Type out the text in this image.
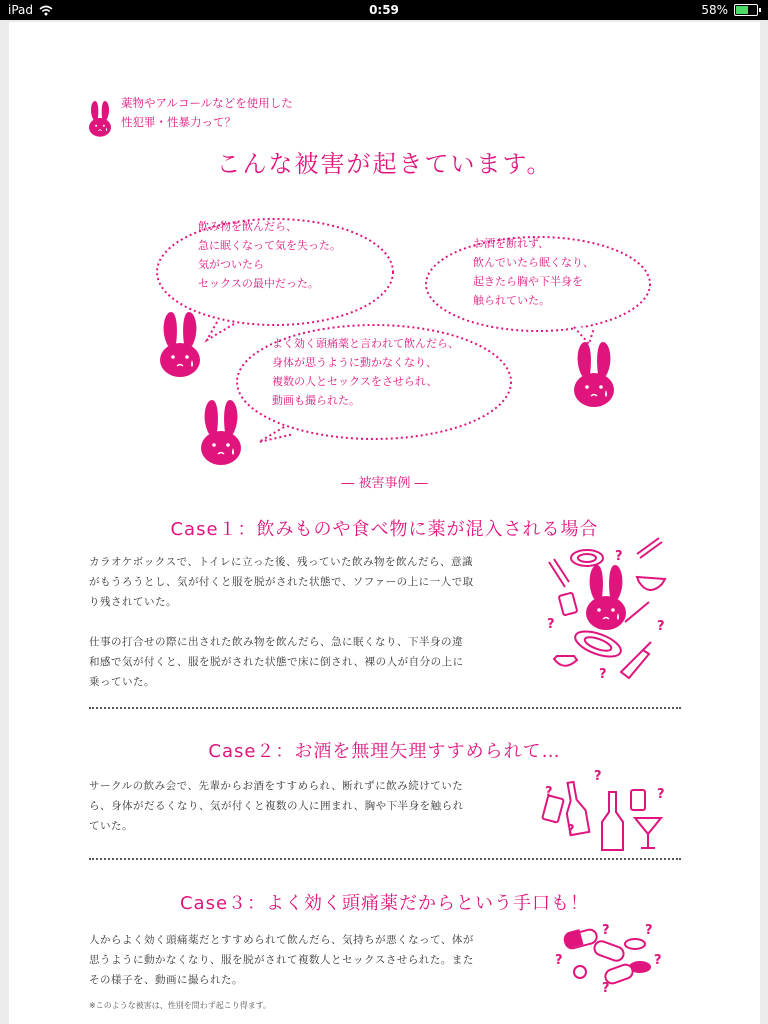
iPad	0:59	58%
?
?	?
?
?
?
?
?
?	?
?
?
?
薬物やアルコールなどを使用した
性犯罪・性暴力って？
こんな被害が起きています。
飲み物を飲んだら、
急に眠くなって気を失った。
気がついたら
セックスの最中だった。
お酒を断れず、
飲んでいたら眠くなり、
起きたら胸や下半身を
触られていた。
よく効く頭痛薬と言われて飲んだら、
身体が思うように動かなくなり、
複数の人とセックスをさせられ、
動画も撮られた。
― 被害事例 ―
Case１：飲みものや食べ物に薬が混入される場合
カラオケボックスで、トイレに立った後、残っていた飲み物を飲んだら、意識
がもうろうとし、気が付くと服を脱がされた状態で、ソファーの上に一人で取
り残されていた。
仕事の打合せの際に出された飲み物を飲んだら、急に眠くなり、下半身の違
和感で気が付くと、服を脱がされた状態で床に倒され、裸の人が自分の上に
乗っていた。
Case２：お酒を無理矢理すすめられて…
サークルの飲み会で、先輩からお酒をすすめられ、断れずに飲み続けていた
ら、身体がだるくなり、気が付くと複数の人に囲まれ、胸や下半身を触られ
ていた。
Case３：よく効く頭痛薬だからという手口も！
人からよく効く頭痛薬だとすすめられて飲んだら、気持ちが悪くなって、体が
思うように動かなくなり、服を脱がされて複数人とセックスさせられた。また
その様子を、動画に撮られた。
※このような被害は、性別を問わず起こり得ます。
